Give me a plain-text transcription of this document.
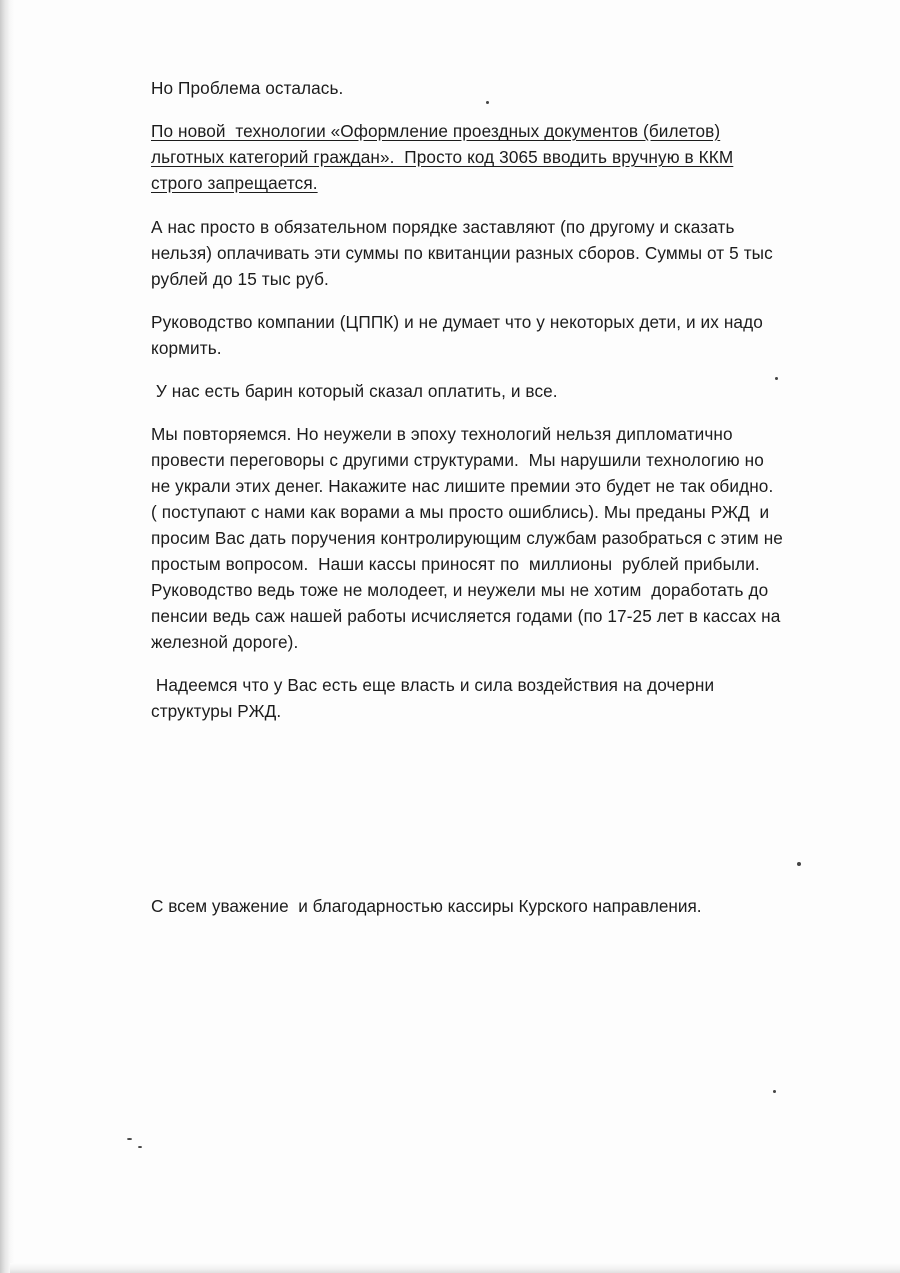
Но Проблема осталась.

По новой  технологии «Оформление проездных документов (билетов)
льготных категорий граждан».  Просто код 3065 вводить вручную в ККМ
строго запрещается.

А нас просто в обязательном порядке заставляют (по другому и сказать
нельзя) оплачивать эти суммы по квитанции разных сборов. Суммы от 5 тыс
рублей до 15 тыс руб.

Руководство компании (ЦППК) и не думает что у некоторых дети, и их надо
кормить.

У нас есть барин который сказал оплатить, и все.

Мы повторяемся. Но неужели в эпоху технологий нельзя дипломатично
провести переговоры с другими структурами.  Мы нарушили технологию но
не украли этих денег. Накажите нас лишите премии это будет не так обидно.
( поступают с нами как ворами а мы просто ошиблись). Мы преданы РЖД  и
просим Вас дать поручения контролирующим службам разобраться с этим не
простым вопросом.  Наши кассы приносят по  миллионы  рублей прибыли.
Руководство ведь тоже не молодеет, и неужели мы не хотим  доработать до
пенсии ведь саж нашей работы исчисляется годами (по 17-25 лет в кассах на
железной дороге).

Надеемся что у Вас есть еще власть и сила воздействия на дочерни
структуры РЖД.

С всем уважение  и благодарностью кассиры Курского направления.
